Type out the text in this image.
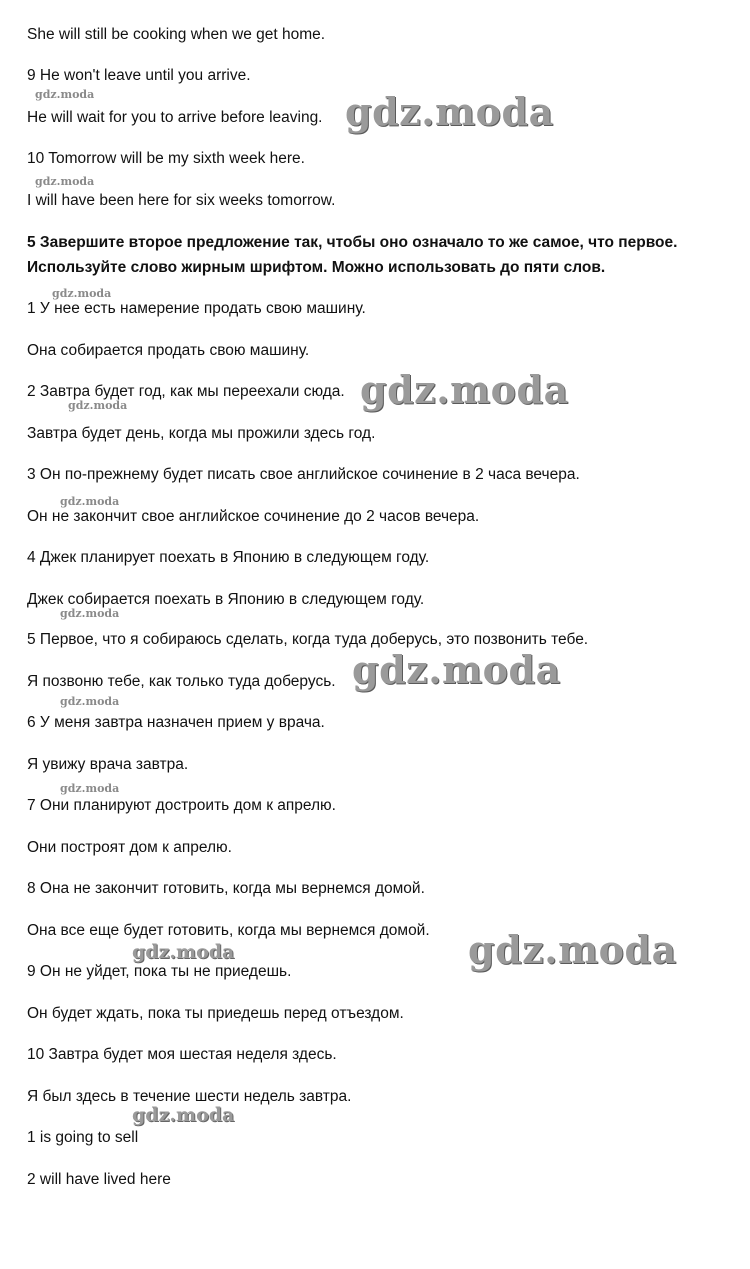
She will still be cooking when we get home.
9 He won't leave until you arrive.
He will wait for you to arrive before leaving.
10 Tomorrow will be my sixth week here.
I will have been here for six weeks tomorrow.
5 Завершите второе предложение так, чтобы оно означало то же самое, что первое.
Используйте слово жирным шрифтом. Можно использовать до пяти слов.
1 У нее есть намерение продать свою машину.
Она собирается продать свою машину.
2 Завтра будет год, как мы переехали сюда.
Завтра будет день, когда мы прожили здесь год.
3 Он по-прежнему будет писать свое английское сочинение в 2 часа вечера.
Он не закончит свое английское сочинение до 2 часов вечера.
4 Джек планирует поехать в Японию в следующем году.
Джек собирается поехать в Японию в следующем году.
5 Первое, что я собираюсь сделать, когда туда доберусь, это позвонить тебе.
Я позвоню тебе, как только туда доберусь.
6 У меня завтра назначен прием у врача.
Я увижу врача завтра.
7 Они планируют достроить дом к апрелю.
Они построят дом к апрелю.
8 Она не закончит готовить, когда мы вернемся домой.
Она все еще будет готовить, когда мы вернемся домой.
9 Он не уйдет, пока ты не приедешь.
Он будет ждать, пока ты приедешь перед отъездом.
10 Завтра будет моя шестая неделя здесь.
Я был здесь в течение шести недель завтра.
1 is going to sell
2 will have lived here
gdz.moda
gdz.moda
gdz.moda
gdz.moda
gdz.moda
gdz.moda
gdz.moda
gdz.moda
gdz.moda
gdz.moda
gdz.moda
gdz.moda
gdz.moda
gdz.moda
